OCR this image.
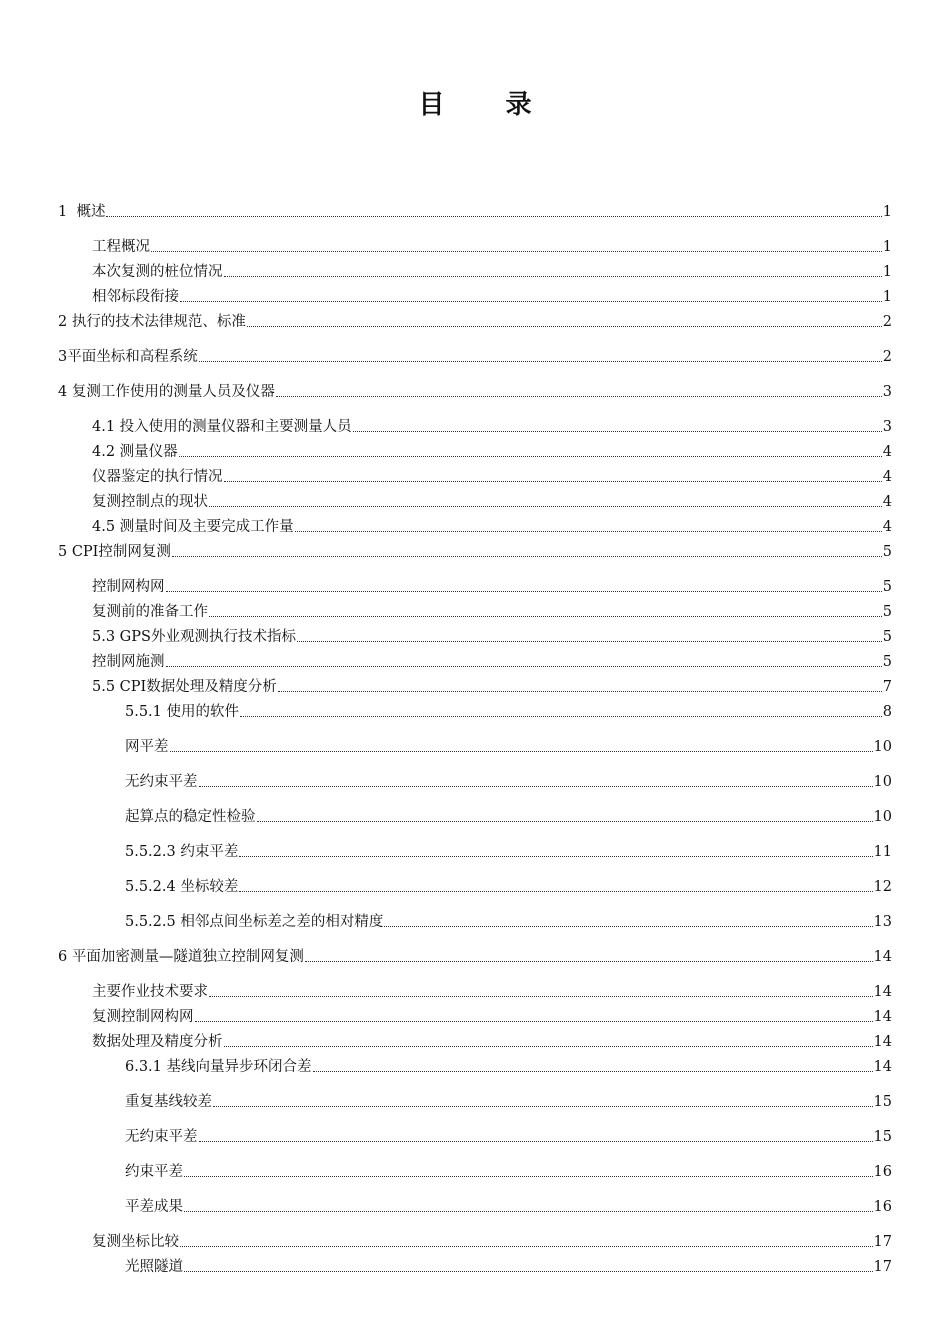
目 录
1  概述	1
工程概况	1
本次复测的桩位情况	1
相邻标段衔接	1
2 执行的技术法律规范、标准	2
3平面坐标和高程系统	2
4 复测工作使用的测量人员及仪器	3
4.1 投入使用的测量仪器和主要测量人员	3
4.2 测量仪器	4
仪器鉴定的执行情况	4
复测控制点的现状	4
4.5 测量时间及主要完成工作量	4
5 CPⅠ控制网复测	5
控制网构网	5
复测前的准备工作	5
5.3 GPS外业观测执行技术指标	5
控制网施测	5
5.5 CPⅠ数据处理及精度分析	7
5.5.1 使用的软件	8
网平差	10
无约束平差	10
起算点的稳定性检验	10
5.5.2.3 约束平差	11
5.5.2.4 坐标较差	12
5.5.2.5 相邻点间坐标差之差的相对精度	13
6 平面加密测量—隧道独立控制网复测	14
主要作业技术要求	14
复测控制网构网	14
数据处理及精度分析	14
6.3.1 基线向量异步环闭合差	14
重复基线较差	15
无约束平差	15
约束平差	16
平差成果	16
复测坐标比较	17
光照隧道	17
